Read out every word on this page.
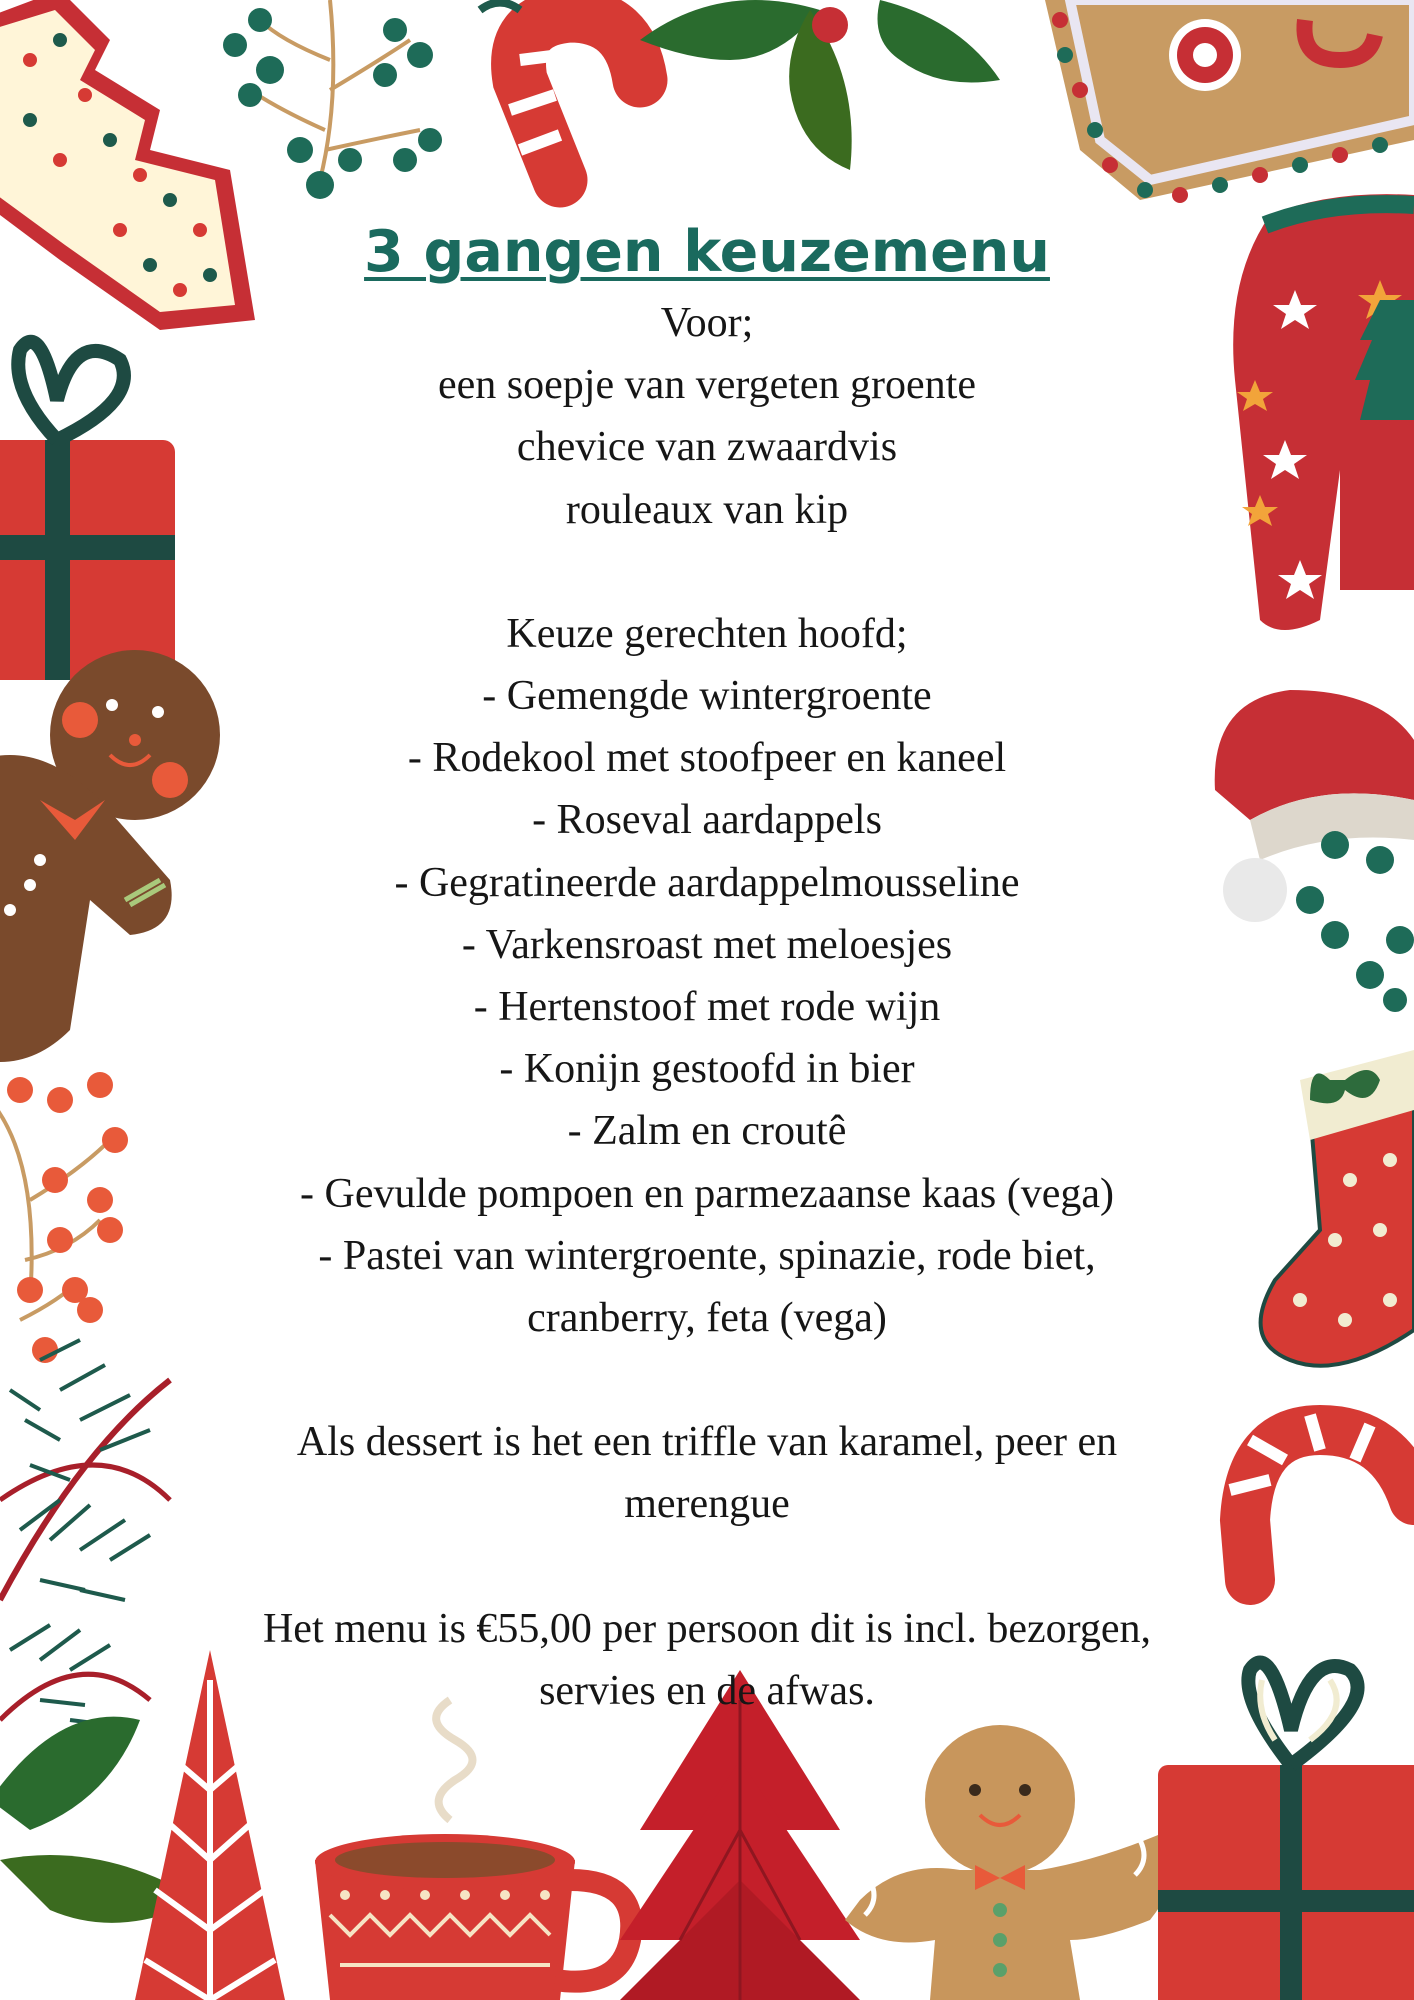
3 gangen keuzemenu

Voor;

een soepje van vergeten groente

chevice van zwaardvis

rouleaux van kip

Keuze gerechten hoofd;

- Gemengde wintergroente

- Rodekool met stoofpeer en kaneel

- Roseval aardappels

- Gegratineerde aardappelmousseline

- Varkensroast met meloesjes

- Hertenstoof met rode wijn

- Konijn gestoofd in bier

- Zalm en croutê

- Gevulde pompoen en parmezaanse kaas (vega)

- Pastei van wintergroente, spinazie, rode biet,

cranberry, feta (vega)

Als dessert is het een triffle van karamel, peer en

merengue

Het menu is €55,00 per persoon dit is incl. bezorgen,

servies en de afwas.
